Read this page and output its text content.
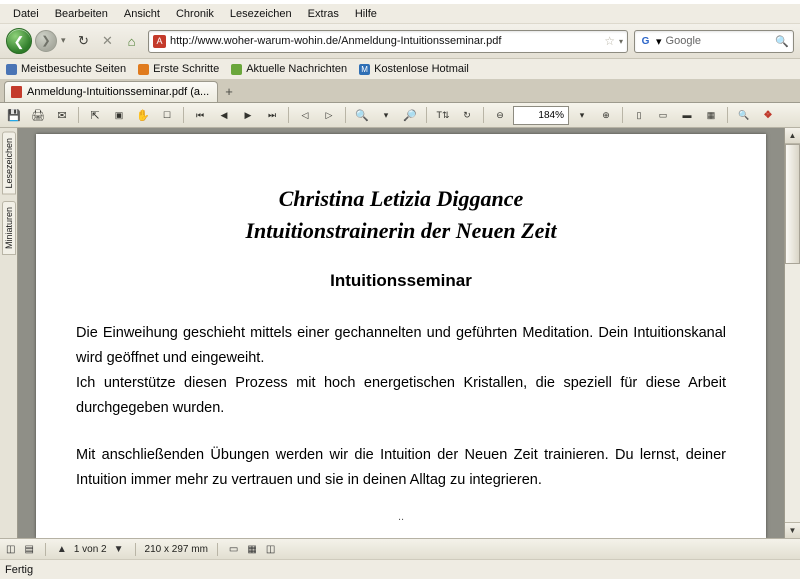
Datei	Bearbeiten	Ansicht	Chronik	Lesezeichen	Extras	Hilfe
❮	❯	▾ ↻	✕	⌂	A http://www.woher-warum-wohin.de/Anmeldung-Intuitionsseminar.pdf	☆ ▾ G ▾ Google	🔍
Meistbesuchte Seiten Erste Schritte Aktuelle Nachrichten M Kostenlose Hotmail
Anmeldung-Intuitionsseminar.pdf (a...	+
💾 🖨	✉	⇱	▣	✋	☐	⏮	◀	▶	⏭	◁	▷	🔍	▾	🔎	T⇅	↻	⊖	184%	▾	⊕	▯	▭	▬	▦	🔍	❖
Lesezeichen
Miniaturen
Christina Letizia Diggance
Intuitionstrainerin der Neuen Zeit
Intuitionsseminar

Die Einweihung geschieht mittels einer gechannelten und geführten Meditation. Dein Intuitionskanal wird geöffnet und eingeweiht.

Ich unterstütze diesen Prozess mit hoch energetischen Kristallen, die speziell für diese Arbeit durchgegeben wurden.

Mit anschließenden Übungen werden wir die Intuition der Neuen Zeit trainieren. Du lernst, deiner Intuition immer mehr zu vertrauen und sie in deinen Alltag zu integrieren.

..
▲
▼
◫ ▤ ▲ 1 von 2 ▼ 210 x 297 mm ▭ ▦ ◫
Fertig
